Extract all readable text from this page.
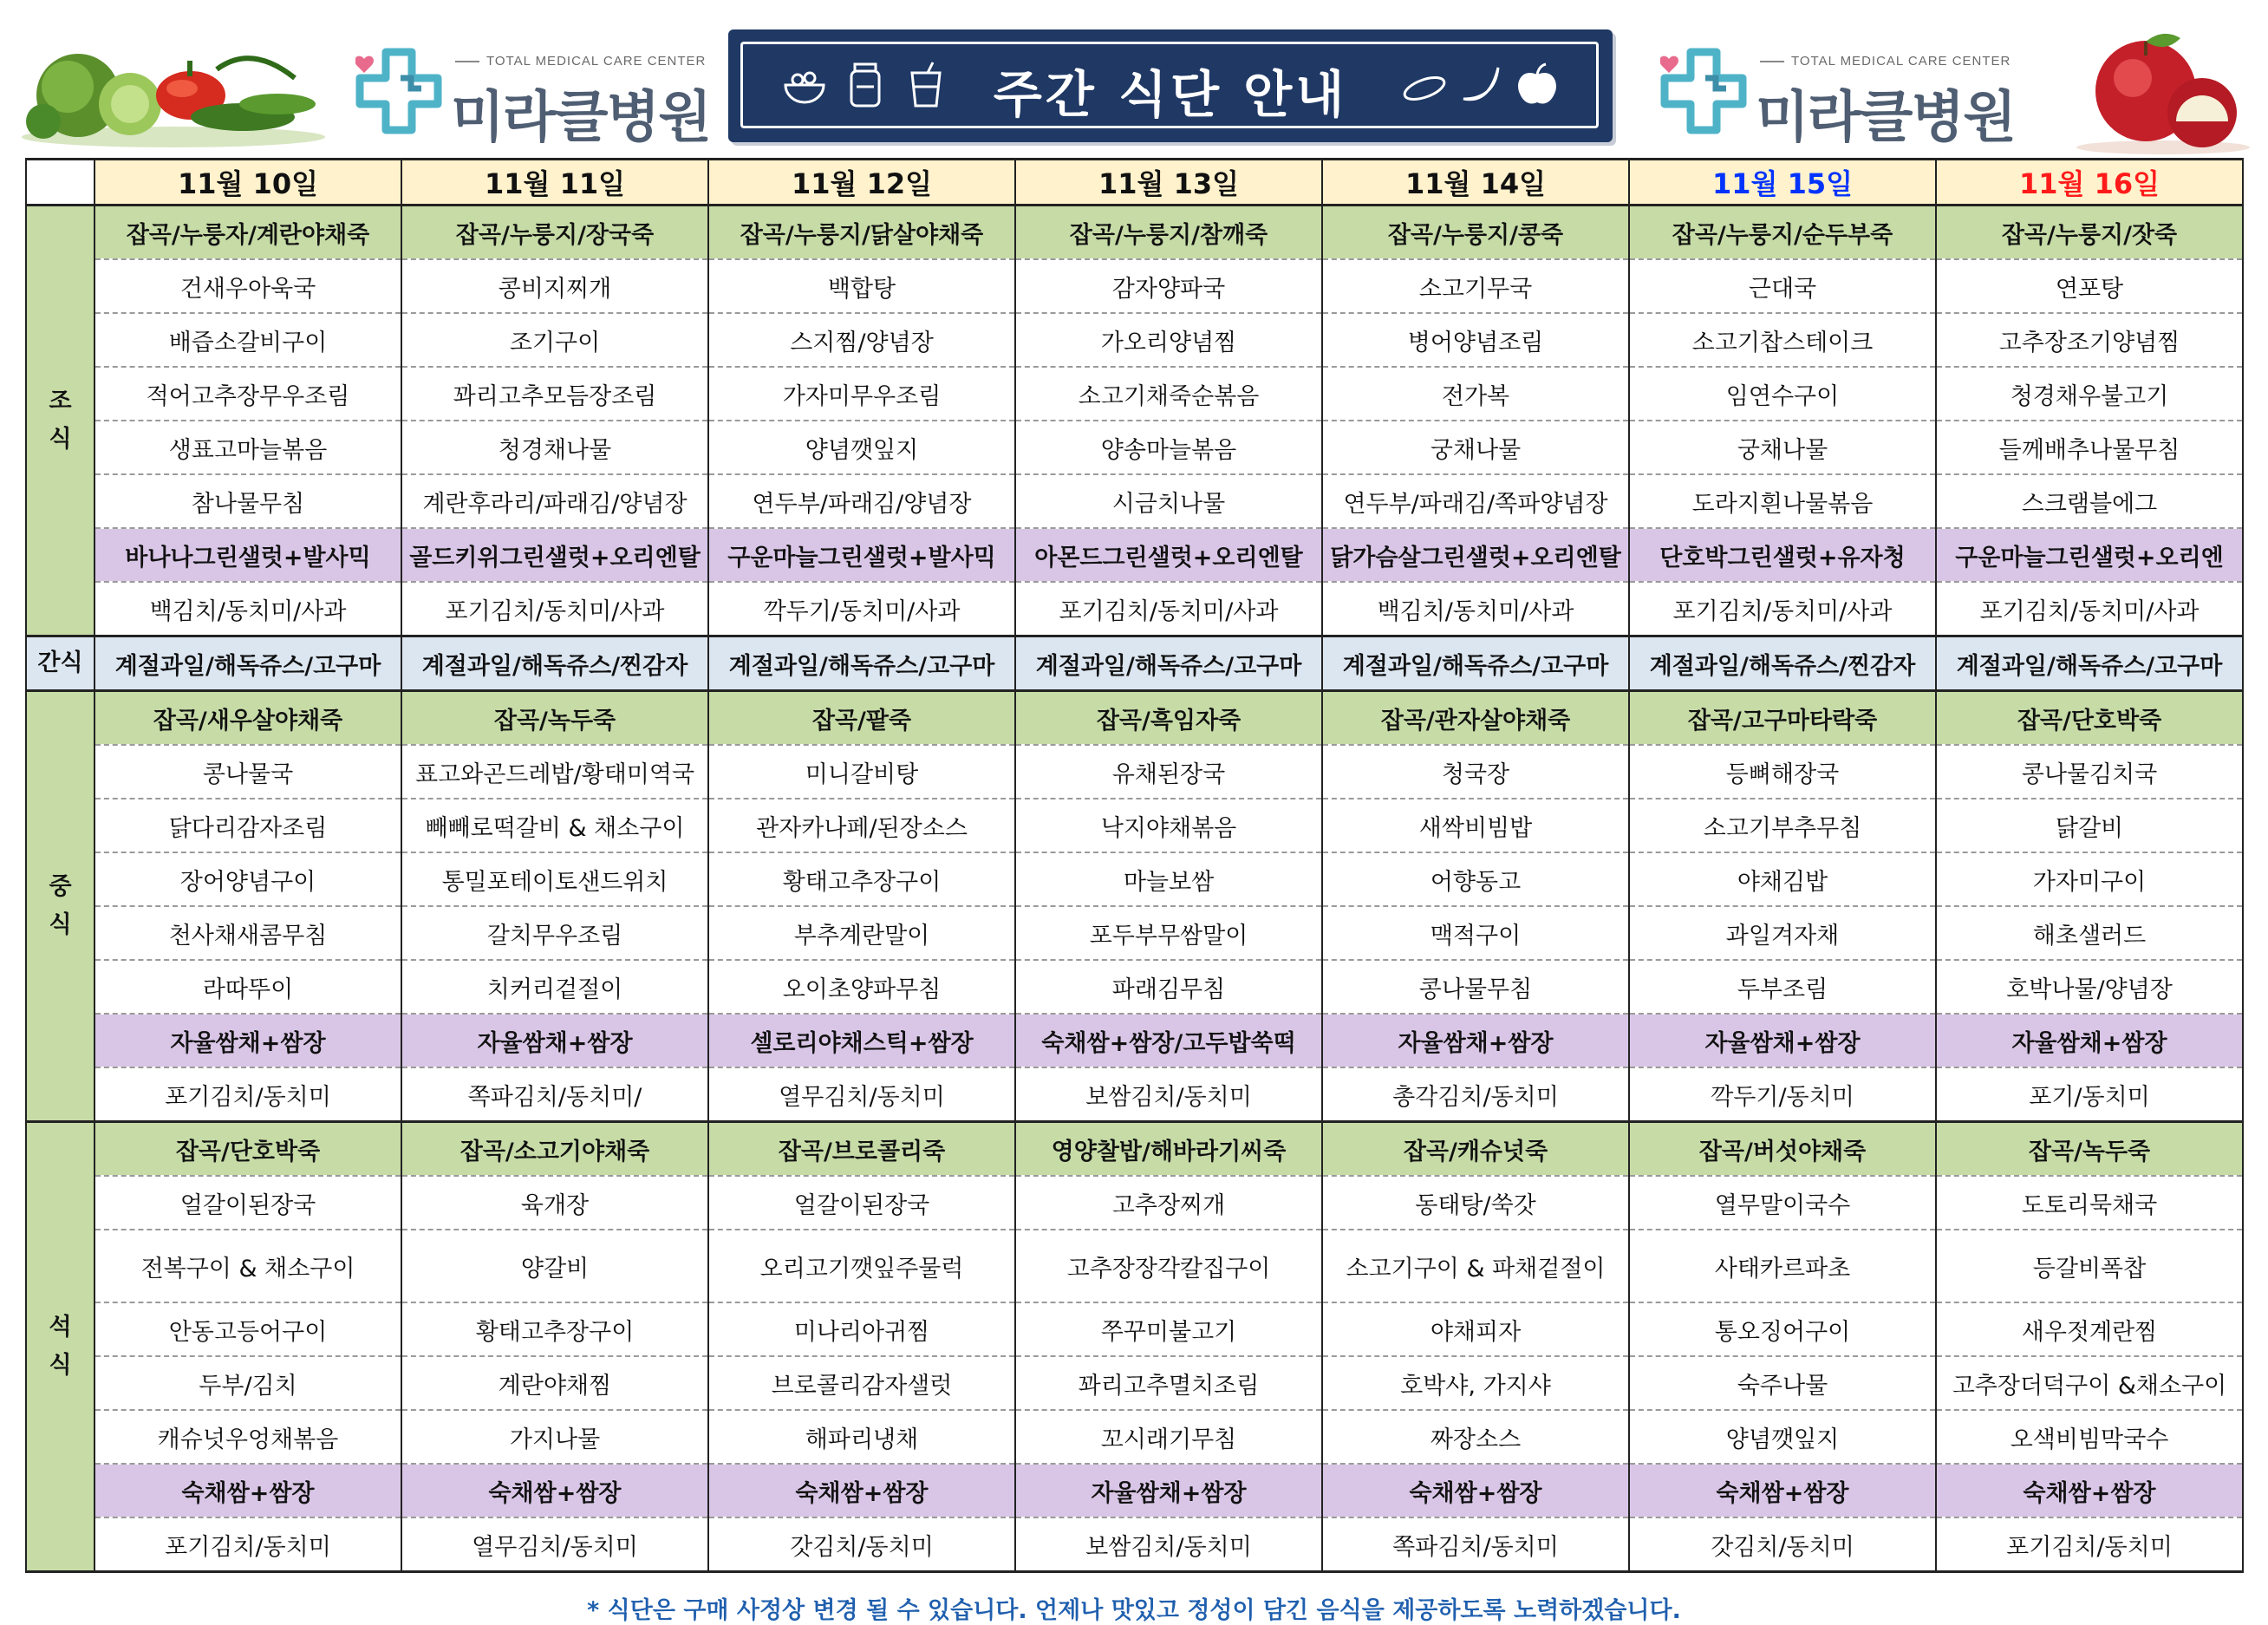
TOTAL MEDICAL CARE CENTER
미라클병원	주간 식단 안내
TOTAL MEDICAL CARE CENTER
미라클병원
	11월 10일	11월 11일	11월 12일	11월 13일	11월 14일	11월 15일	11월 16일
조
식	잡곡/누룽자/계란야채죽	잡곡/누룽지/장국죽	잡곡/누룽지/닭살야채죽	잡곡/누룽지/참깨죽	잡곡/누룽지/콩죽	잡곡/누룽지/순두부죽	잡곡/누룽지/잣죽
	건새우아욱국	콩비지찌개	백합탕	감자양파국	소고기무국	근대국	연포탕
	배즙소갈비구이	조기구이	스지찜/양념장	가오리양념찜	병어양념조림	소고기찹스테이크	고추장조기양념찜
	적어고추장무우조림	꽈리고추모듬장조림	가자미무우조림	소고기채죽순볶음	전가복	임연수구이	청경채우불고기
	생표고마늘볶음	청경채나물	양념깻잎지	양송마늘볶음	궁채나물	궁채나물	들께배추나물무침
	참나물무침	계란후라리/파래김/양념장	연두부/파래김/양념장	시금치나물	연두부/파래김/쪽파양념장	도라지흰나물볶음	스크램블에그
	바나나그린샐럿+발사믹	골드키위그린샐럿+오리엔탈	구운마늘그린샐럿+발사믹	아몬드그린샐럿+오리엔탈	닭가슴살그린샐럿+오리엔탈	단호박그린샐럿+유자청	구운마늘그린샐럿+오리엔
	백김치/동치미/사과	포기김치/동치미/사과	깍두기/동치미/사과	포기김치/동치미/사과	백김치/동치미/사과	포기김치/동치미/사과	포기김치/동치미/사과
간식	계절과일/해독쥬스/고구마	계절과일/해독쥬스/찐감자	계절과일/해독쥬스/고구마	계절과일/해독쥬스/고구마	계절과일/해독쥬스/고구마	계절과일/해독쥬스/찐감자	계절과일/해독쥬스/고구마
중
식	잡곡/새우살야채죽	잡곡/녹두죽	잡곡/팥죽	잡곡/흑임자죽	잡곡/관자살야채죽	잡곡/고구마타락죽	잡곡/단호박죽
	콩나물국	표고와곤드레밥/황태미역국	미니갈비탕	유채된장국	청국장	등뼈해장국	콩나물김치국
	닭다리감자조림	빼빼로떡갈비 & 채소구이	관자카나페/된장소스	낙지야채볶음	새싹비빔밥	소고기부추무침	닭갈비
	장어양념구이	통밀포테이토샌드위치	황태고추장구이	마늘보쌈	어향동고	야채김밥	가자미구이
	천사채새콤무침	갈치무우조림	부추계란말이	포두부무쌈말이	맥적구이	과일겨자채	해초샐러드
	라따뚜이	치커리겉절이	오이초양파무침	파래김무침	콩나물무침	두부조림	호박나물/양념장
	자율쌈채+쌈장	자율쌈채+쌈장	셀로리야채스틱+쌈장	숙채쌈+쌈장/고두밥쑥떡	자율쌈채+쌈장	자율쌈채+쌈장	자율쌈채+쌈장
	포기김치/동치미	쪽파김치/동치미/	열무김치/동치미	보쌈김치/동치미	총각김치/동치미	깍두기/동치미	포기/동치미
석
식	잡곡/단호박죽	잡곡/소고기야채죽	잡곡/브로콜리죽	영양찰밥/해바라기씨죽	잡곡/캐슈넛죽	잡곡/버섯야채죽	잡곡/녹두죽
	얼갈이된장국	육개장	얼갈이된장국	고추장찌개	동태탕/쑥갓	열무말이국수	도토리묵채국
	전복구이 & 채소구이	양갈비	오리고기깻잎주물럭	고추장장각칼집구이	소고기구이 & 파채겉절이	사태카르파초	등갈비폭찹
	안동고등어구이	황태고추장구이	미나리아귀찜	쭈꾸미불고기	야채피자	통오징어구이	새우젓계란찜
	두부/김치	계란야채찜	브로콜리감자샐럿	꽈리고추멸치조림	호박샤, 가지샤	숙주나물	고추장더덕구이 &채소구이
	캐슈넛우엉채볶음	가지나물	해파리냉채	꼬시래기무침	짜장소스	양념깻잎지	오색비빔막국수
	숙채쌈+쌈장	숙채쌈+쌈장	숙채쌈+쌈장	자율쌈채+쌈장	숙채쌈+쌈장	숙채쌈+쌈장	숙채쌈+쌈장
	포기김치/동치미	열무김치/동치미	갓김치/동치미	보쌈김치/동치미	쪽파김치/동치미	갓김치/동치미	포기김치/동치미
* 식단은 구매 사정상 변경 될 수 있습니다. 언제나 맛있고 정성이 담긴 음식을 제공하도록 노력하겠습니다.
